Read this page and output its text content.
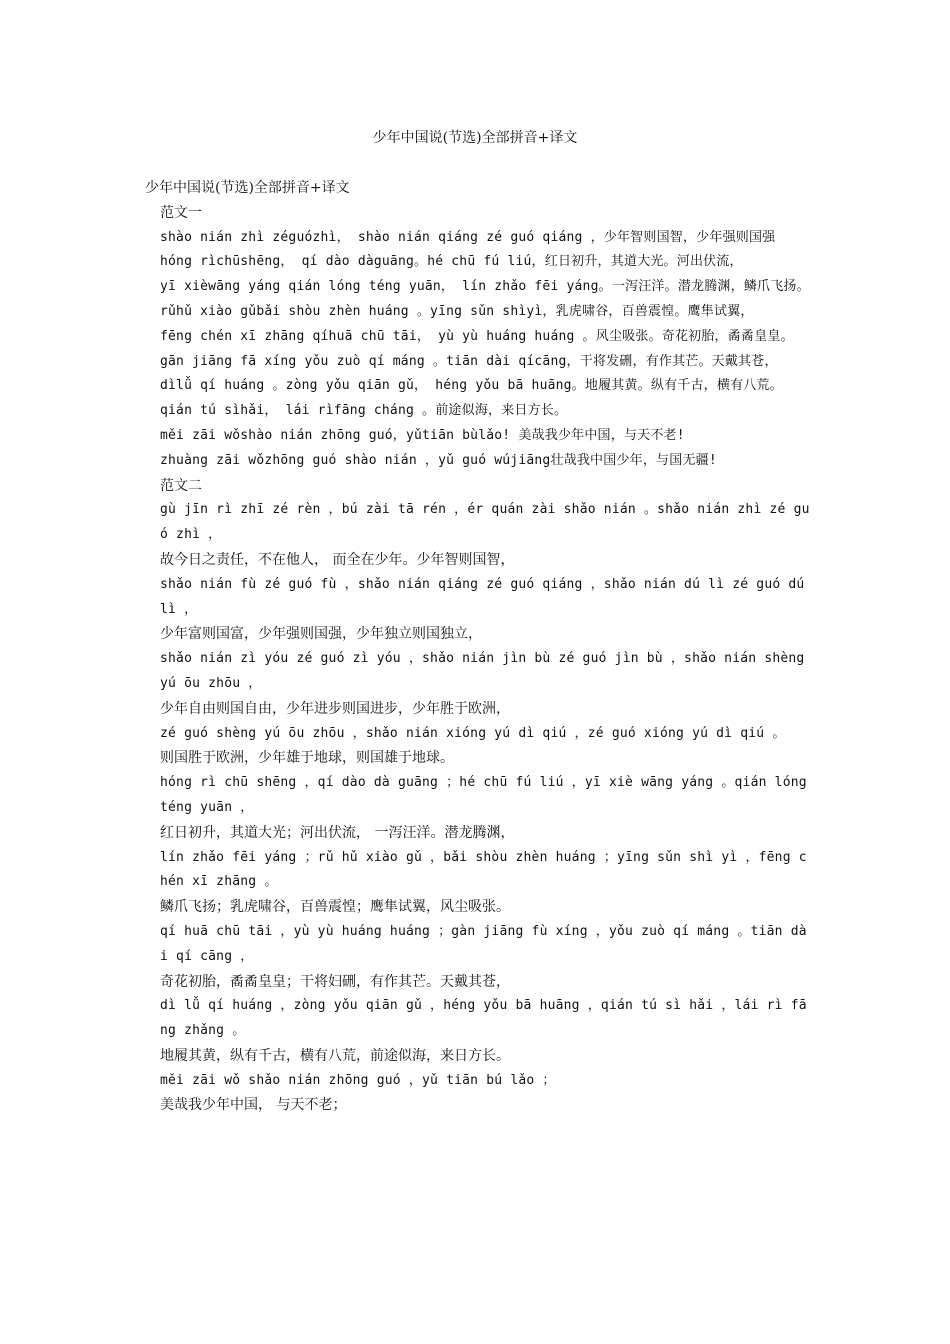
少年中国说(节选)全部拼音+译文

少年中国说(节选)全部拼音+译文

范文一

shào nián zhì zéguózhì， shào nián qiáng zé guó qiáng ，少年智则国智，少年强则国强

hóng rìchūshēng， qí dào dàguāng。hé chū fú liú，红日初升，其道大光。河出伏流，

yī xièwāng yáng qián lóng téng yuān， lín zhǎo fēi yáng。一泻汪洋。潜龙腾渊，鳞爪飞扬。

rǔhǔ xiào gǔbǎi shòu zhèn huáng 。yīng sǔn shìyì，乳虎啸谷，百兽震惶。鹰隼试翼，

fēng chén xī zhāng qíhuā chū tāi， yù yù huáng huáng 。风尘吸张。奇花初胎，矞矞皇皇。

gān jiāng fā xíng yǒu zuò qí máng 。tiān dài qícāng，干将发硎，有作其芒。天戴其苍，

dìlǚ qí huáng 。zòng yǒu qiān gǔ， héng yǒu bā huāng。地履其黄。纵有千古，横有八荒。

qián tú sìhǎi， lái rìfāng cháng 。前途似海，来日方长。

měi zāi wǒshào nián zhōng guó，yǔtiān bùlǎo! 美哉我少年中国，与天不老!

zhuàng zāi wǒzhōng guó shào nián ，yǔ guó wújiāng壮哉我中国少年，与国无疆!

范文二

gù jīn rì zhī zé rèn ，bú zài tā rén ，ér quán zài shǎo nián 。shǎo nián zhì zé guó zhì ，

故今日之责任，不在他人， 而全在少年。少年智则国智，

shǎo nián fù zé guó fù ，shǎo nián qiáng zé guó qiáng ，shǎo nián dú lì zé guó dú lì ，

少年富则国富，少年强则国强，少年独立则国独立，

shǎo nián zì yóu zé guó zì yóu ，shǎo nián jìn bù zé guó jìn bù ，shǎo nián shèng yú ōu zhōu ，

少年自由则国自由，少年进步则国进步，少年胜于欧洲，

zé guó shèng yú ōu zhōu ，shǎo nián xióng yú dì qiú ，zé guó xióng yú dì qiú 。

则国胜于欧洲，少年雄于地球，则国雄于地球。

hóng rì chū shēng ，qí dào dà guāng ；hé chū fú liú ，yī xiè wāng yáng 。qián lóng téng yuān ，

红日初升，其道大光；河出伏流， 一泻汪洋。潜龙腾渊，

lín zhǎo fēi yáng ；rǔ hǔ xiào gǔ ，bǎi shòu zhèn huáng ；yīng sǔn shì yì ，fēng chén xī zhāng 。

鳞爪飞扬；乳虎啸谷，百兽震惶；鹰隼试翼，风尘吸张。

qí huā chū tāi ，yù yù huáng huáng ；gàn jiāng fù xíng ，yǒu zuò qí máng 。tiān dài qí cāng ，

奇花初胎，矞矞皇皇；干将妇硎，有作其芒。天戴其苍，

dì lǚ qí huáng ，zòng yǒu qiān gǔ ，héng yǒu bā huāng ，qián tú sì hǎi ，lái rì fāng zhǎng 。

地履其黄，纵有千古，横有八荒，前途似海，来日方长。

měi zāi wǒ shǎo nián zhōng guó ，yǔ tiān bú lǎo ；

美哉我少年中国， 与天不老；
